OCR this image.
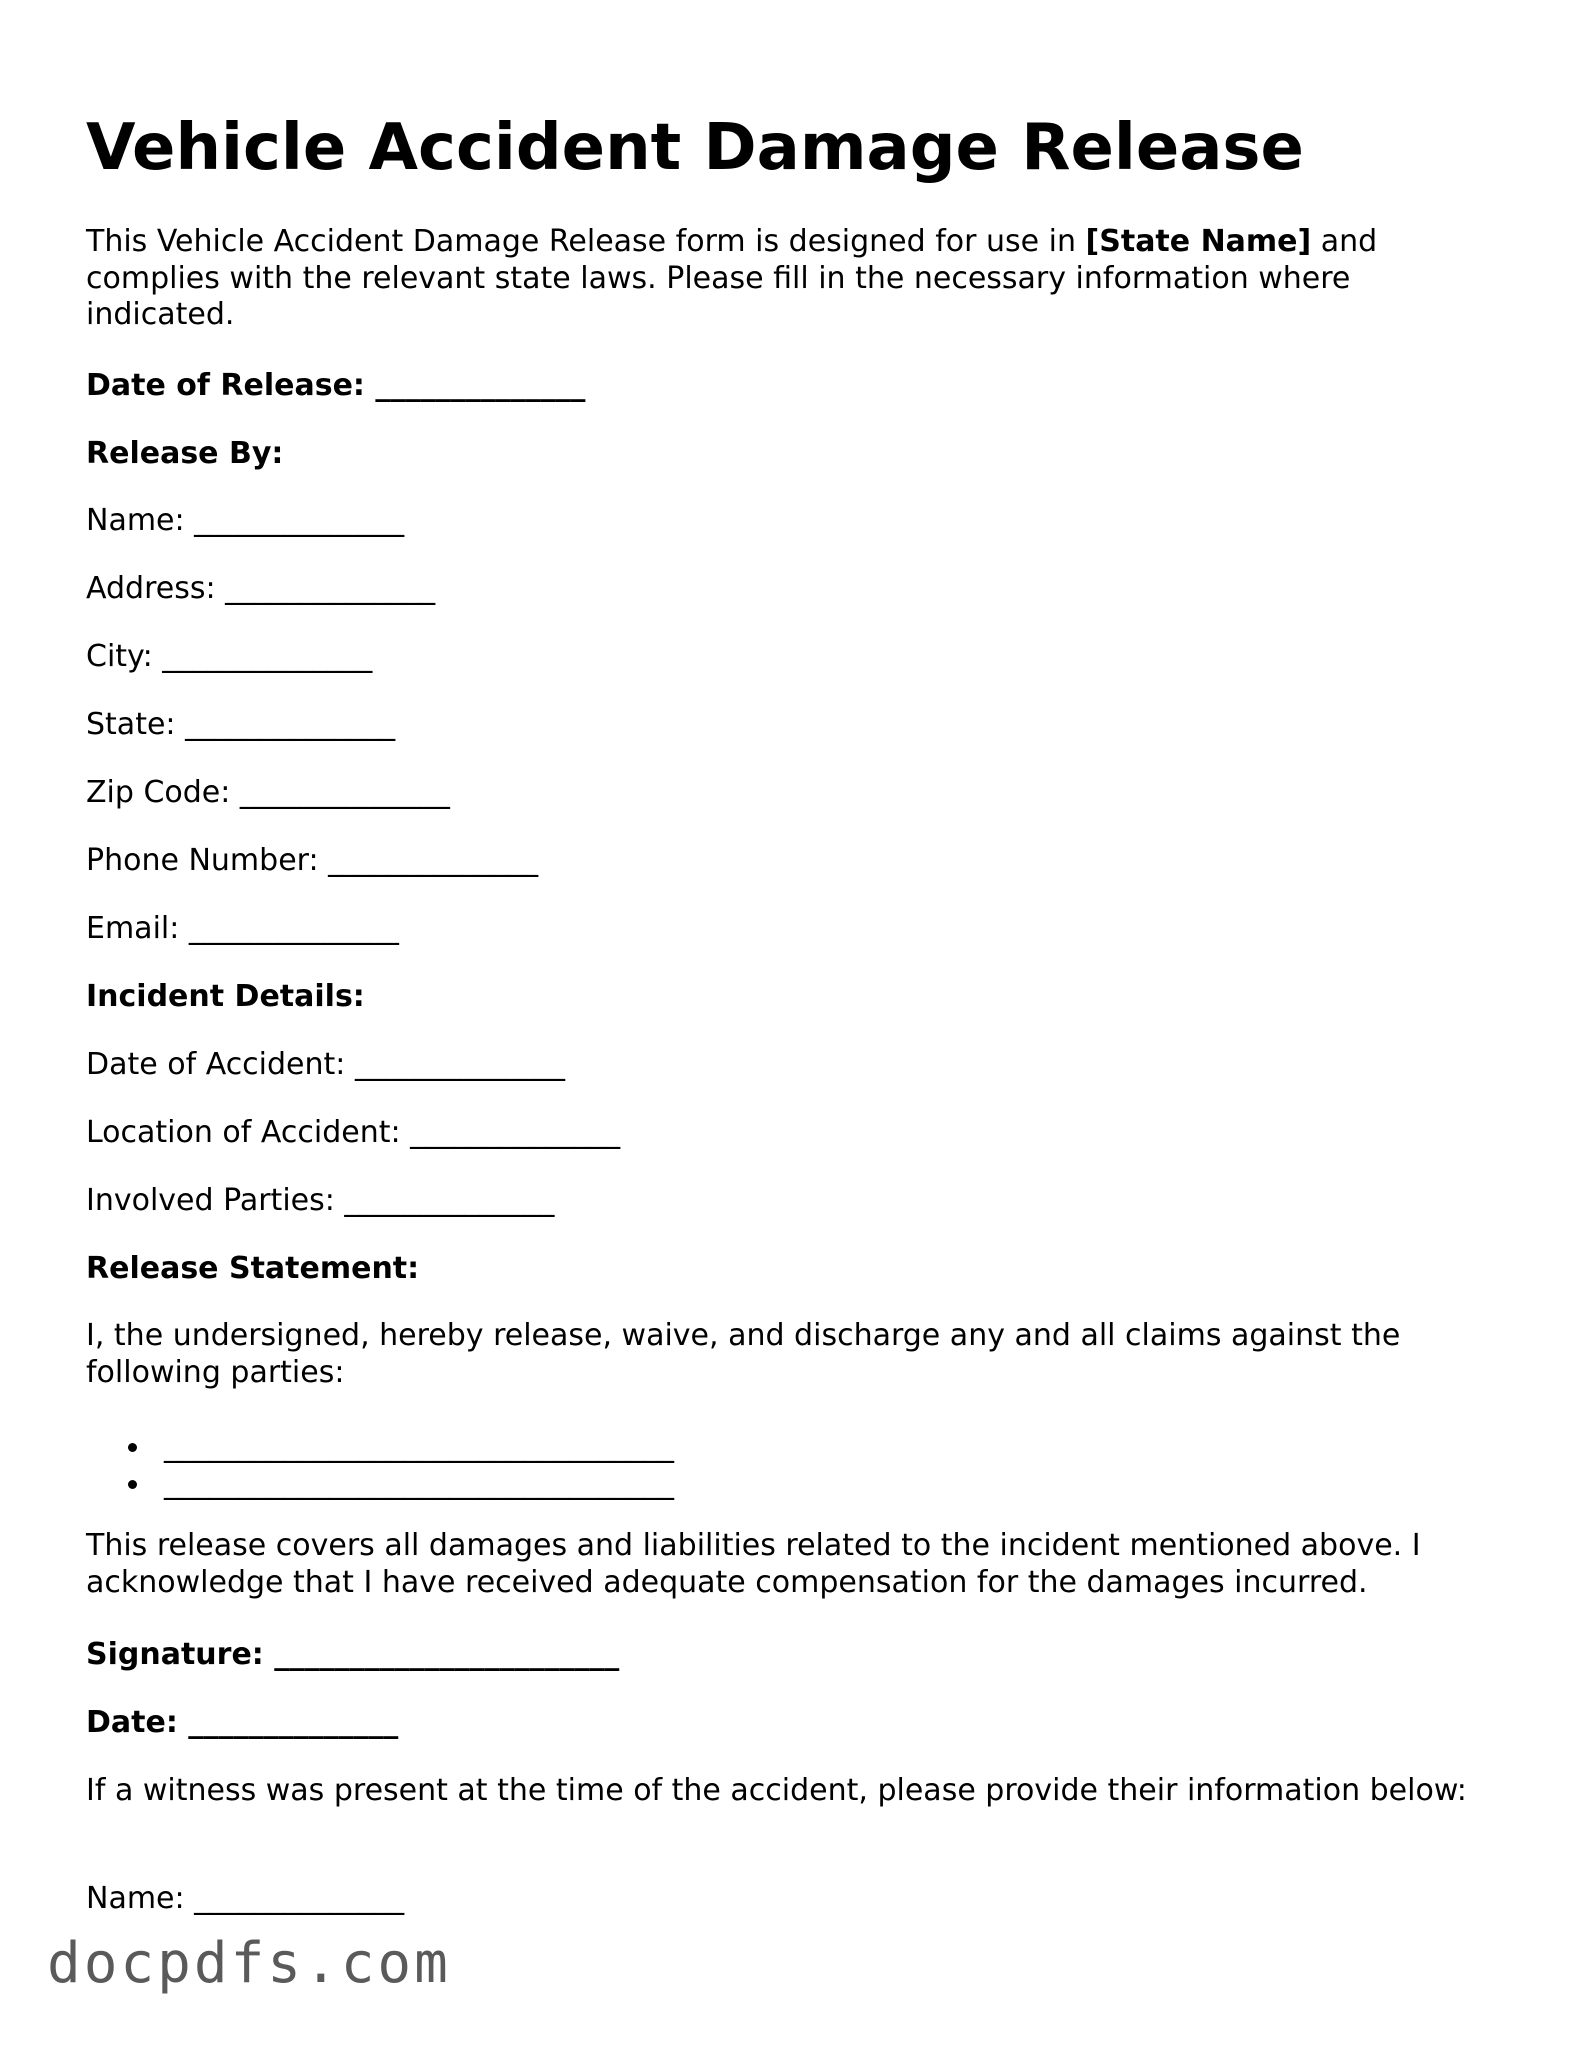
Vehicle Accident Damage Release

This Vehicle Accident Damage Release form is designed for use in [State Name] and complies with the relevant state laws. Please fill in the necessary information where indicated.

Date of Release: ______________

Release By:

Name: ______________

Address: ______________

City: ______________

State: ______________

Zip Code: ______________

Phone Number: ______________

Email: ______________

Incident Details:

Date of Accident: ______________

Location of Accident: ______________

Involved Parties: ______________

Release Statement:

I, the undersigned, hereby release, waive, and discharge any and all claims against the following parties:

__________________________________
__________________________________

This release covers all damages and liabilities related to the incident mentioned above. I acknowledge that I have received adequate compensation for the damages incurred.

Signature: _______________________

Date: ______________

If a witness was present at the time of the accident, please provide their information below:

Name: ______________

docpdfs.com
